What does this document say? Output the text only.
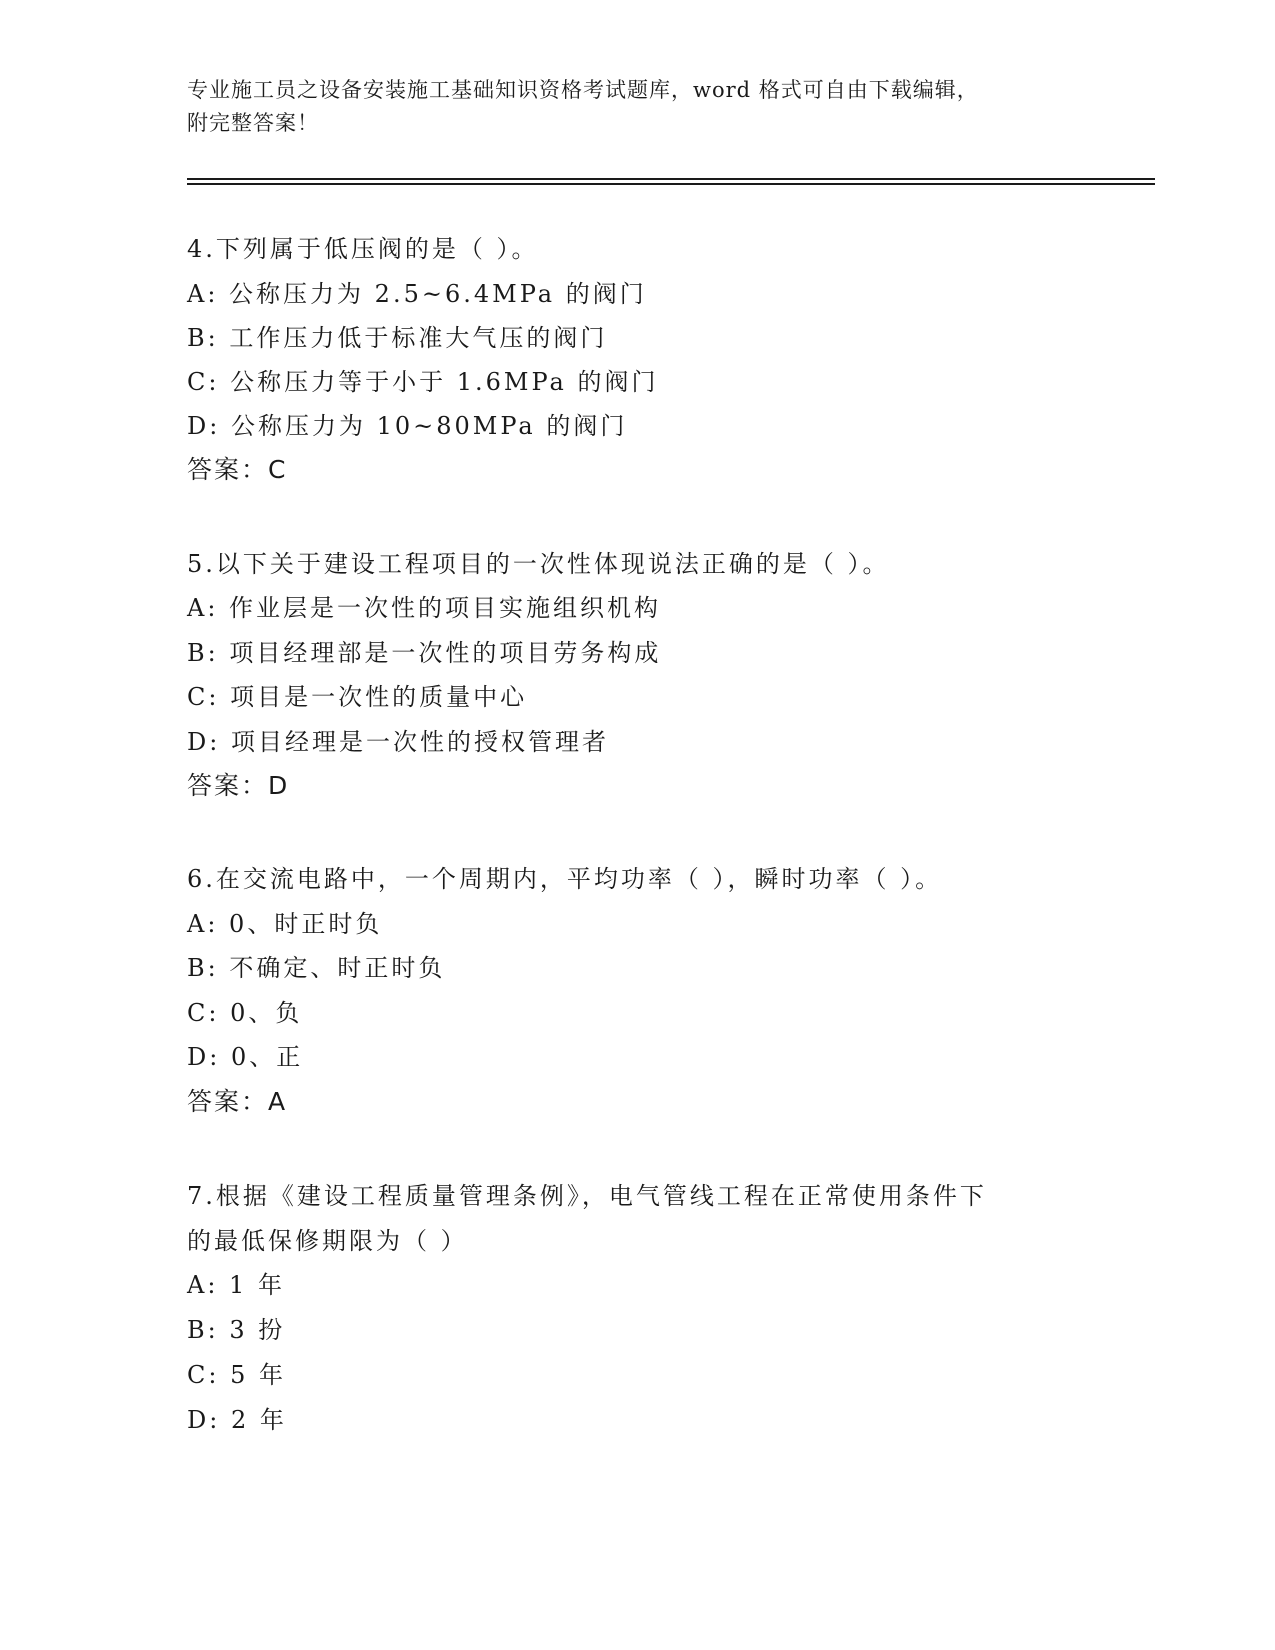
专业施工员之设备安装施工基础知识资格考试题库，word 格式可自由下载编辑，
附完整答案！
4.下列属于低压阀的是（ ）。
A: 公称压力为 2.5~6.4MPa 的阀门
B: 工作压力低于标准大气压的阀门
C: 公称压力等于小于 1.6MPa 的阀门
D: 公称压力为 10~80MPa 的阀门
答案：C
5.以下关于建设工程项目的一次性体现说法正确的是（ ）。
A: 作业层是一次性的项目实施组织机构
B: 项目经理部是一次性的项目劳务构成
C: 项目是一次性的质量中心
D: 项目经理是一次性的授权管理者
答案：D
6.在交流电路中，一个周期内，平均功率（ ），瞬时功率（ ）。
A: 0、时正时负
B: 不确定、时正时负
C: 0、负
D: 0、正
答案：A
7.根据《建设工程质量管理条例》，电气管线工程在正常使用条件下
的最低保修期限为（ ）
A: 1 年
B: 3 扮
C: 5 年
D: 2 年
